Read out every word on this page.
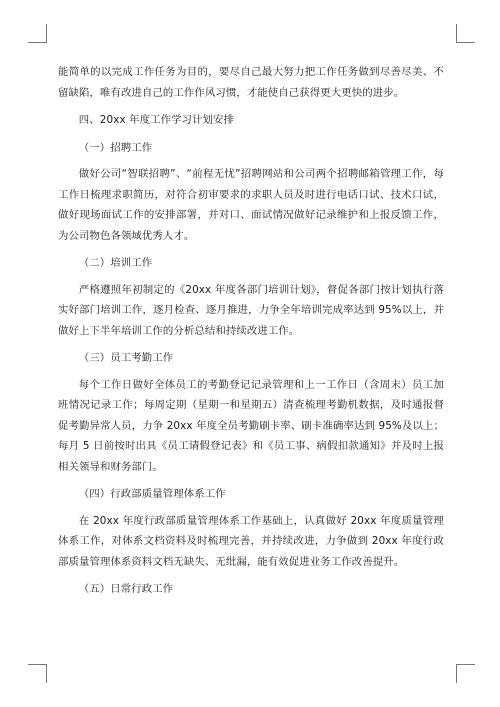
能简单的以完成工作任务为目的，要尽自己最大努力把工作任务做到尽善尽美、不留缺陷，唯有改进自己的工作作风习惯，才能使自己获得更大更快的进步。

四、20xx 年度工作学习计划安排

（一）招聘工作

做好公司“智联招聘”、“前程无忧”招聘网站和公司两个招聘邮箱管理工作，每工作日梳理求职简历，对符合初审要求的求职人员及时进行电话口试、技术口试，做好现场面试工作的安排部署，并对口、面试情况做好记录维护和上报反馈工作，为公司物色各领域优秀人才。

（二）培训工作

严格遵照年初制定的《20xx 年度各部门培训计划》，督促各部门按计划执行落实好部门培训工作，逐月检查、逐月推进，力争全年培训完成率达到 95%以上，并做好上下半年培训工作的分析总结和持续改进工作。

（三）员工考勤工作

每个工作日做好全体员工的考勤登记记录管理和上一工作日（含周末）员工加班情况记录工作；每周定期（星期一和星期五）清查梳理考勤机数据，及时通报督促考勤异常人员，力争 20xx 年度全员考勤刷卡率、刷卡准确率达到 95%及以上；每月 5 日前按时出具《员工请假登记表》和《员工事、病假扣款通知》并及时上报相关领导和财务部门。

（四）行政部质量管理体系工作

在 20xx 年度行政部质量管理体系工作基础上，认真做好 20xx 年度质量管理体系工作，对体系文档资料及时梳理完善，并持续改进，力争做到 20xx 年度行政部质量管理体系资料文档无缺失、无纰漏，能有效促进业务工作改善提升。

（五）日常行政工作
